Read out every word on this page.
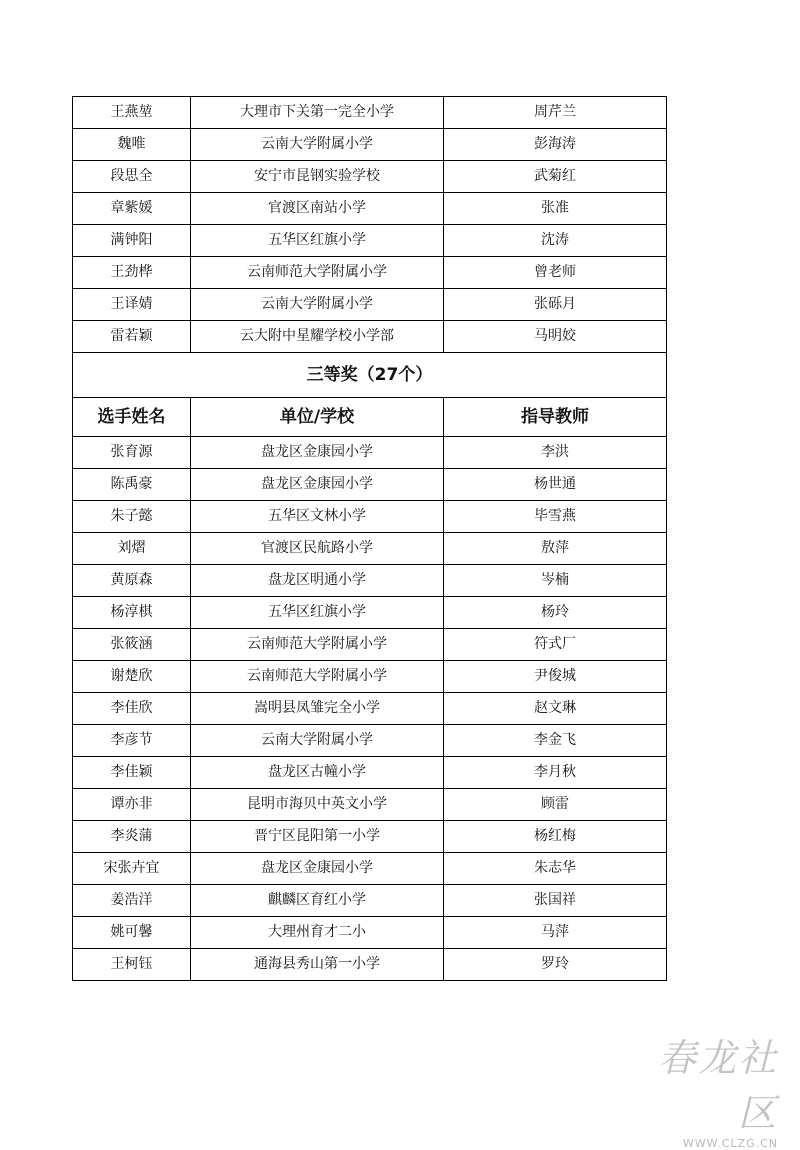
王燕堃	大理市下关第一完全小学	周芹兰
魏唯	云南大学附属小学	彭海涛
段思全	安宁市昆钢实验学校	武菊红
章紫媛	官渡区南站小学	张准
满钟阳	五华区红旗小学	沈涛
王劲桦	云南师范大学附属小学	曾老师
王译婧	云南大学附属小学	张砾月
雷若颖	云大附中星耀学校小学部	马明姣
三等奖（27个）		
选手姓名	单位/学校	指导教师
张育源	盘龙区金康园小学	李洪
陈禹豪	盘龙区金康园小学	杨世通
朱子懿	五华区文林小学	毕雪燕
刘熠	官渡区民航路小学	敖萍
黄原森	盘龙区明通小学	岑楠
杨淳棋	五华区红旗小学	杨玲
张筱涵	云南师范大学附属小学	符式厂
谢楚欣	云南师范大学附属小学	尹俊城
李佳欣	嵩明县凤雏完全小学	赵文琳
李彦节	云南大学附属小学	李金飞
李佳颖	盘龙区古幢小学	李月秋
谭亦非	昆明市海贝中英文小学	顾雷
李炎蒲	晋宁区昆阳第一小学	杨红梅
宋张卉宜	盘龙区金康园小学	朱志华
姜浩洋	麒麟区育红小学	张国祥
姚可馨	大理州育才二小	马萍
王柯钰	通海县秀山第一小学	罗玲
春龙社区
WWW.CLZG.CN
